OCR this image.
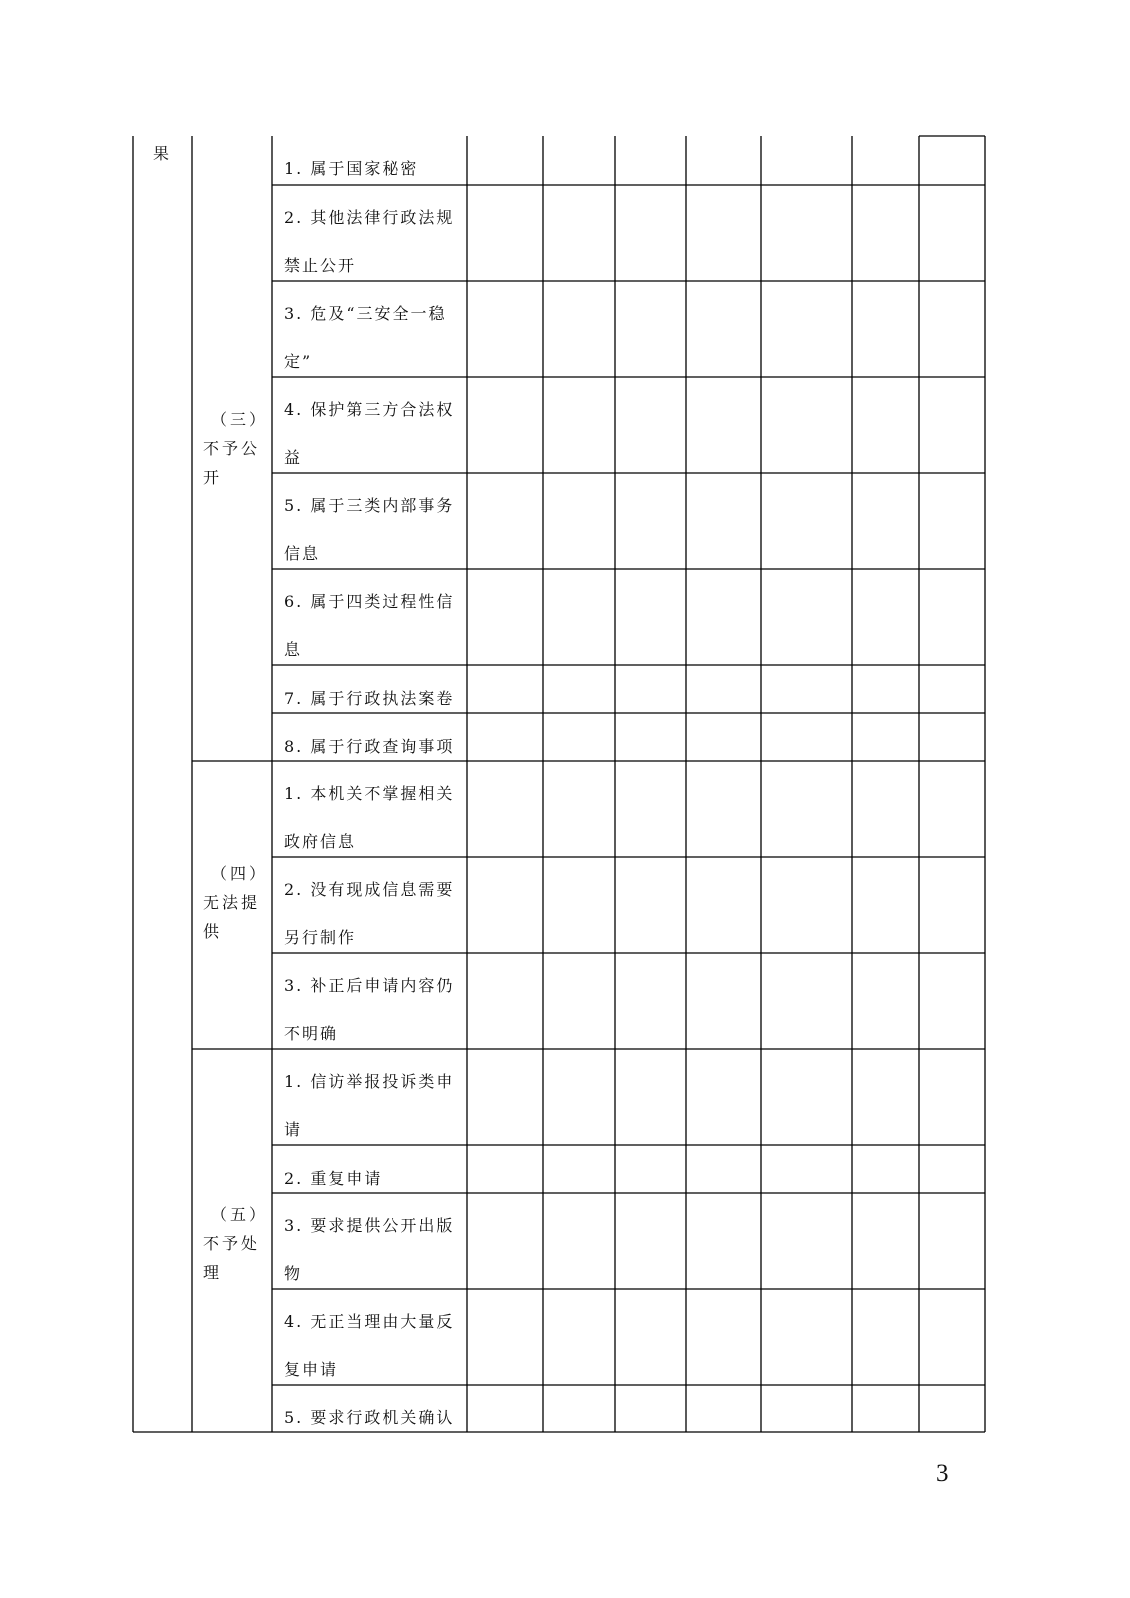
果
（三）
不予公
开
（四）
无法提
供
（五）
不予处
理
1. 属于国家秘密
2. 其他法律行政法规
禁止公开
3. 危及“三安全一稳
定”
4. 保护第三方合法权
益
5. 属于三类内部事务
信息
6. 属于四类过程性信
息
7. 属于行政执法案卷
8. 属于行政查询事项
1. 本机关不掌握相关
政府信息
2. 没有现成信息需要
另行制作
3. 补正后申请内容仍
不明确
1. 信访举报投诉类申
请
2. 重复申请
3. 要求提供公开出版
物
4. 无正当理由大量反
复申请
5. 要求行政机关确认
3
